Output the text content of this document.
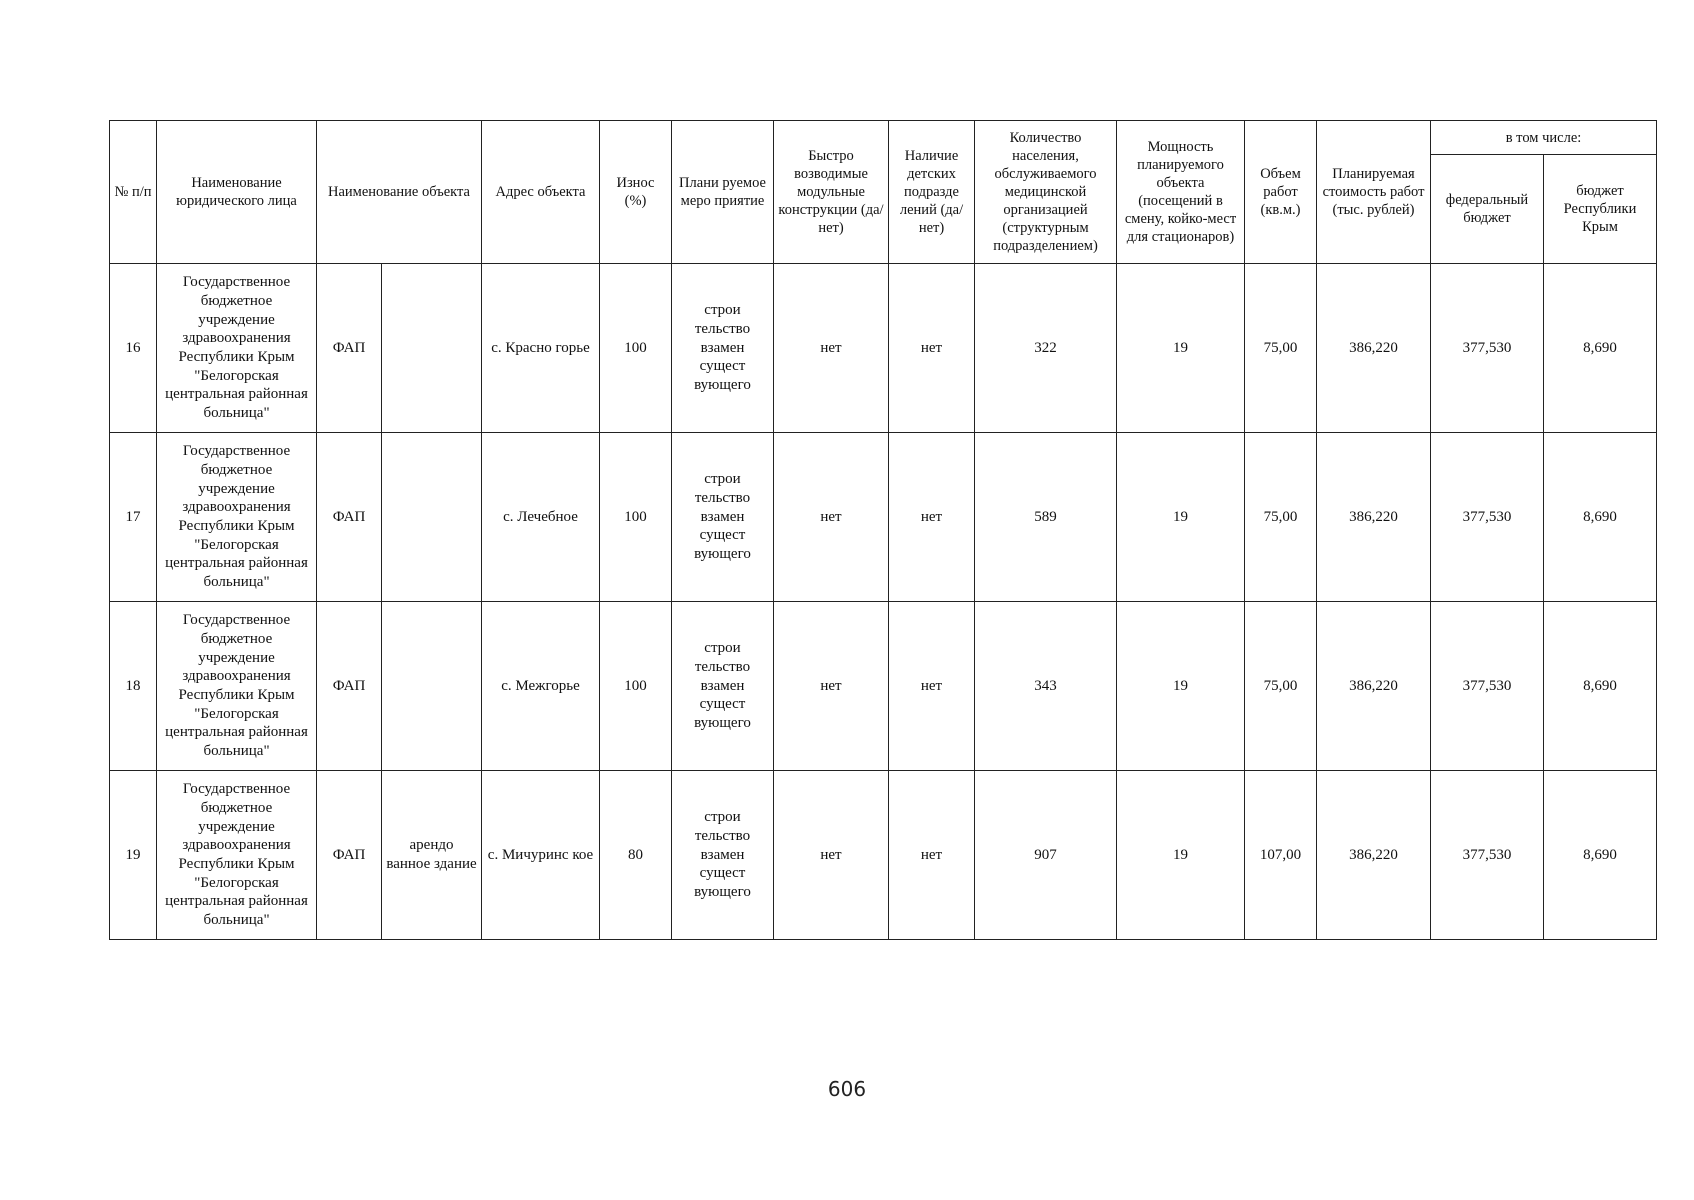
№ п/п	Наименование юридического лица	Наименование объекта		Адрес объекта	Износ (%)	Плани руемое меро приятие	Быстро возводимые модульные конструкции (да/нет)	Наличие детских подразде лений (да/нет)	Количество населения, обслуживаемого медицинской организацией (структурным подразделением)	Мощность планируемого объекта (посещений в смену, койко-мест для стационаров)	Объем работ (кв.м.)	Планируемая стоимость работ (тыс. рублей)	в том числе:	
													федеральный бюджет	бюджет Республики Крым
16	Государственное бюджетное учреждение здравоохранения Республики Крым "Белогорская центральная районная больница"	ФАП		с. Красно горье	100	строи тельство взамен сущест вующего	нет	нет	322	19	75,00	386,220	377,530	8,690
17	Государственное бюджетное учреждение здравоохранения Республики Крым "Белогорская центральная районная больница"	ФАП		с. Лечебное	100	строи тельство взамен сущест вующего	нет	нет	589	19	75,00	386,220	377,530	8,690
18	Государственное бюджетное учреждение здравоохранения Республики Крым "Белогорская центральная районная больница"	ФАП		с. Межгорье	100	строи тельство взамен сущест вующего	нет	нет	343	19	75,00	386,220	377,530	8,690
19	Государственное бюджетное учреждение здравоохранения Республики Крым "Белогорская центральная районная больница"	ФАП	арендо ванное здание	с. Мичуринс кое	80	строи тельство взамен сущест вующего	нет	нет	907	19	107,00	386,220	377,530	8,690
606
